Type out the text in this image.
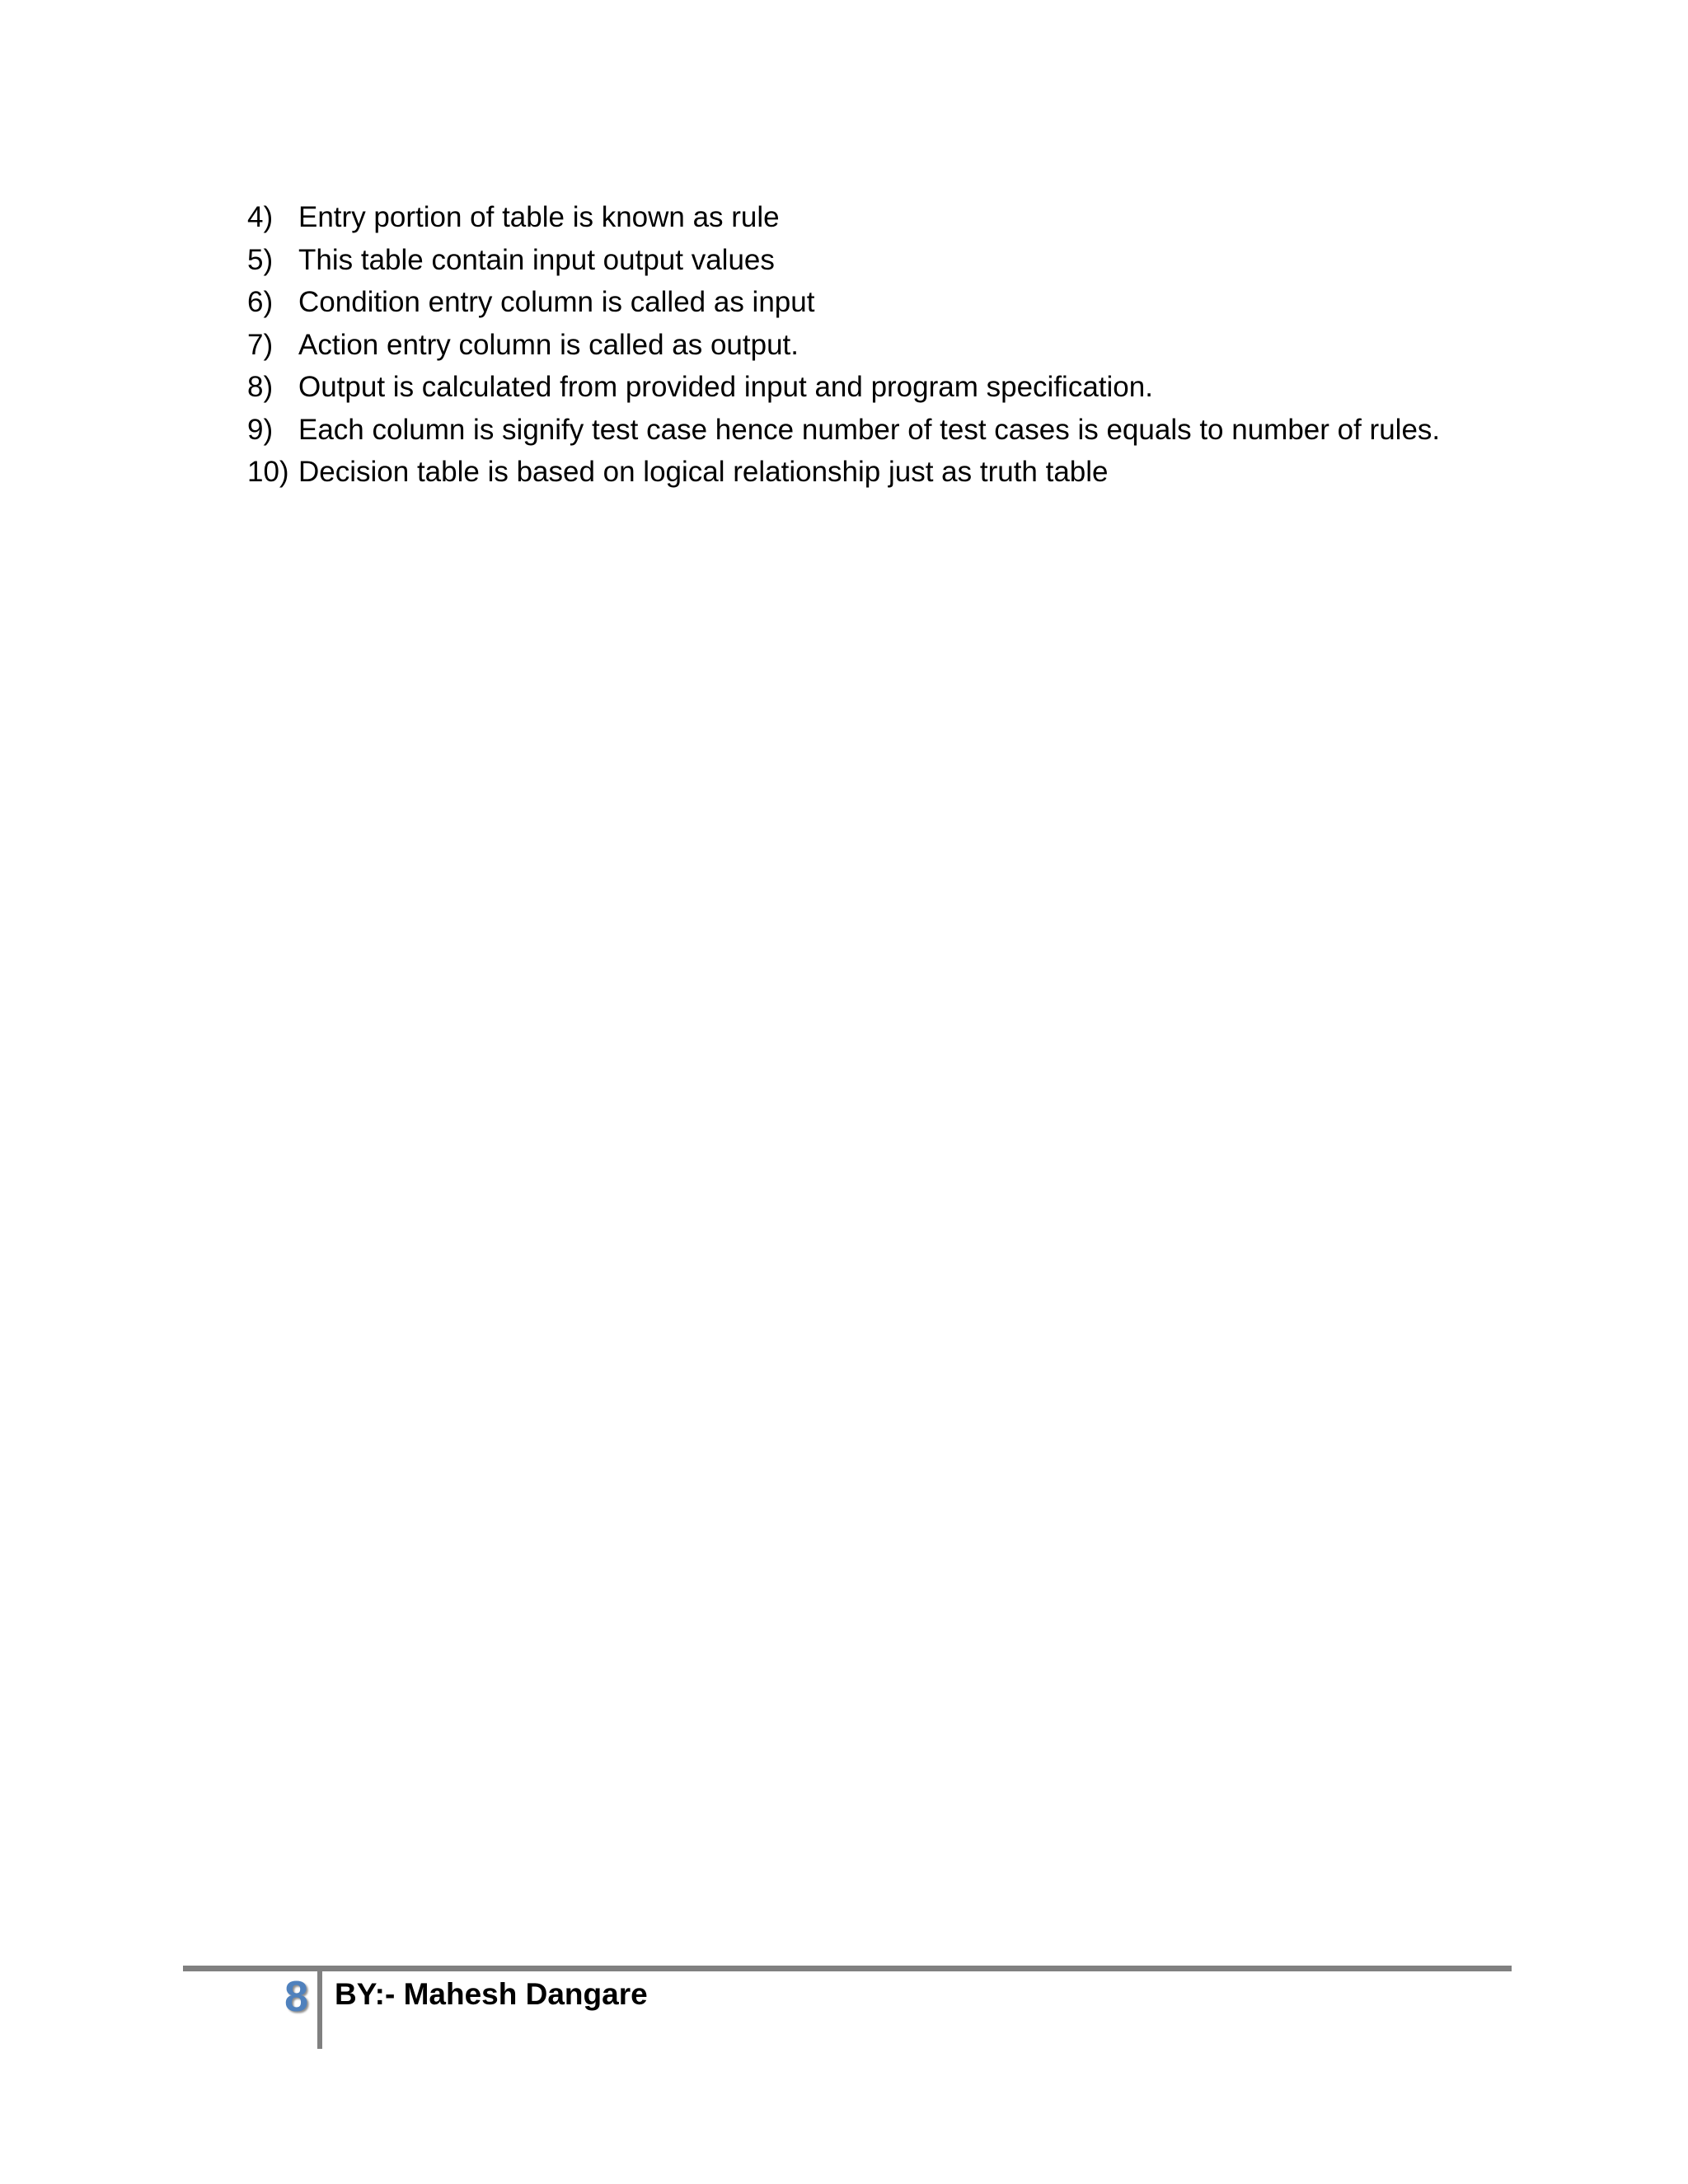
4) Entry portion of table is known as rule
5) This table contain input output values
6) Condition entry column is called as input
7) Action entry column is called as output.
8) Output is calculated from provided input and program specification.
9) Each column is signify test case hence number of test cases is equals to number of rules.
10) Decision table is based on logical relationship just as truth table
8 BY:- Mahesh Dangare
